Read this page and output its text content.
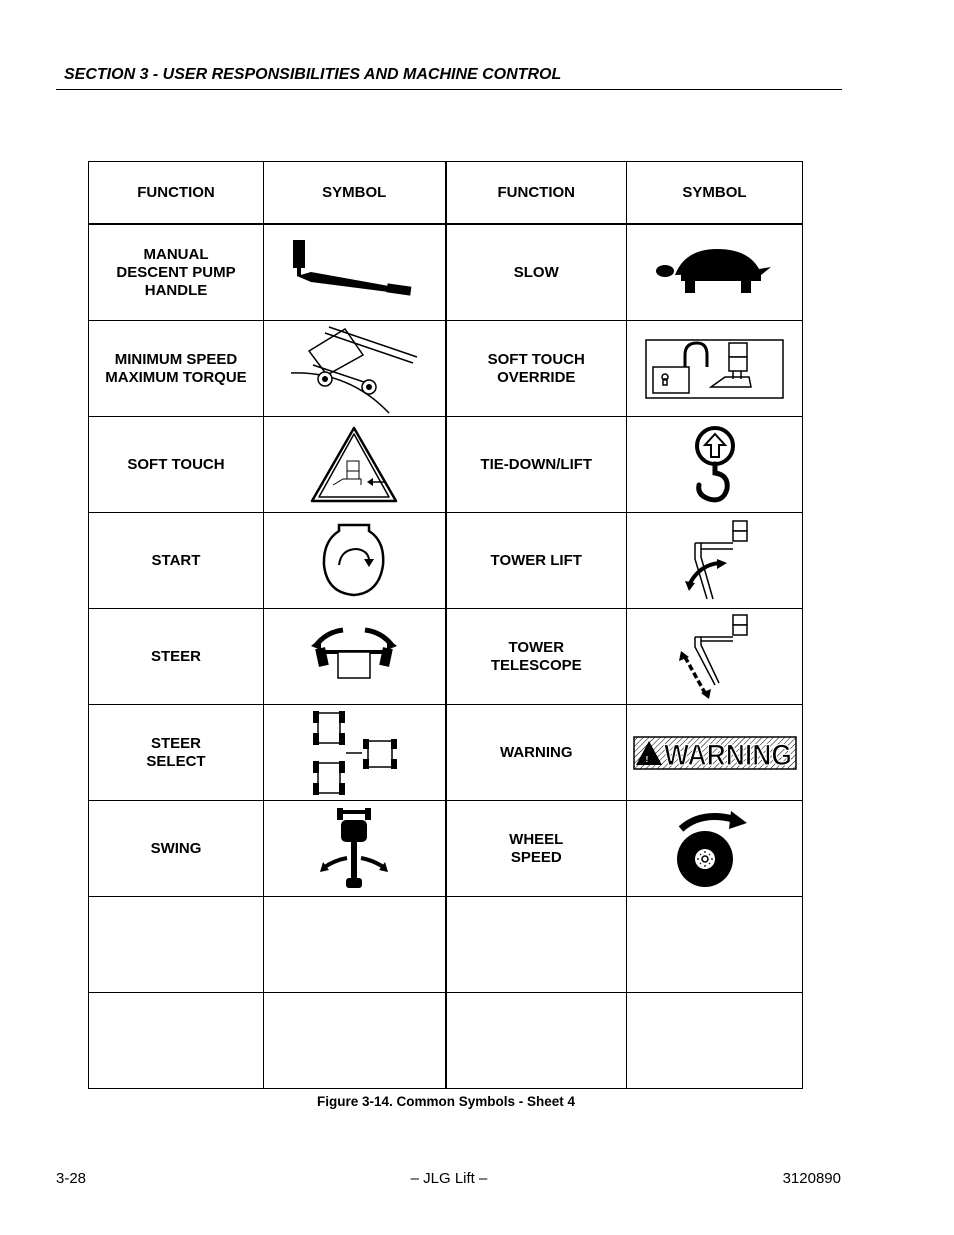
SECTION 3 - USER RESPONSIBILITIES AND MACHINE CONTROL
FUNCTION	SYMBOL	FUNCTION	SYMBOL

MANUAL
DESCENT PUMP
HANDLE		SLOW

MINIMUM SPEED
MAXIMUM TORQUE		SOFT TOUCH
OVERRIDE

SOFT TOUCH		TIE-DOWN/LIFT

START		TOWER LIFT

STEER		TOWER
TELESCOPE

STEER
SELECT		WARNING	! WARNING

SWING		WHEEL
SPEED

Figure 3-14. Common Symbols - Sheet 4
3-28	– JLG Lift –	3120890
